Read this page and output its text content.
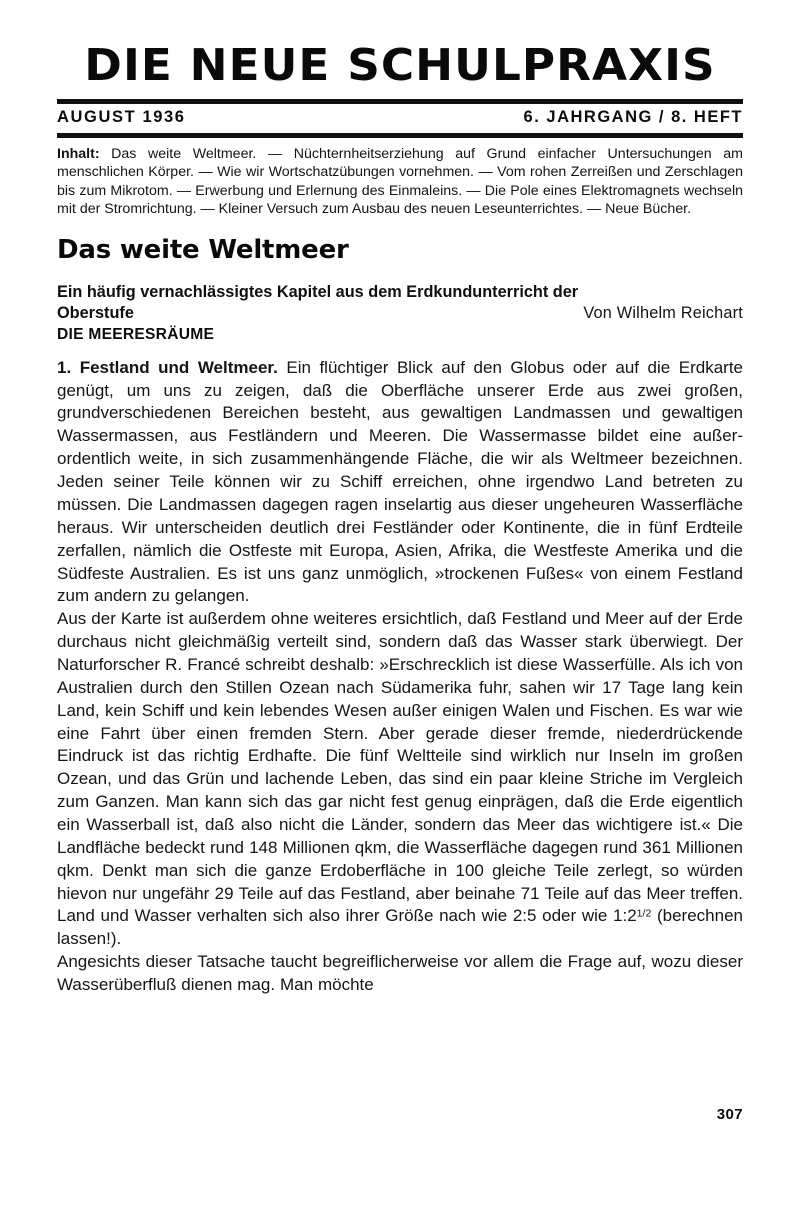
DIE NEUE SCHULPRAXIS
AUGUST 1936	6. JAHRGANG / 8. HEFT
Inhalt: Das weite Weltmeer. — Nüchternheitserziehung auf Grund einfacher Untersuchungen am menschlichen Körper. — Wie wir Wortschatzübungen vornehmen. — Vom rohen Zerreißen und Zerschlagen bis zum Mikrotom. — Erwerbung und Erlernung des Einmaleins. — Die Pole eines Elektromagnets wechseln mit der Stromrichtung. — Kleiner Versuch zum Ausbau des neuen Leseunterrichtes. — Neue Bücher.
Das weite Weltmeer
Ein häufig vernachlässigtes Kapitel aus dem Erdkundunterricht der
Oberstufe	Von Wilhelm Reichart
DIE MEERESRÄUME

1. Festland und Weltmeer. Ein flüchtiger Blick auf den Globus oder auf die Erdkarte genügt, um uns zu zeigen, daß die Oberfläche unserer Erde aus zwei großen, grundverschiedenen Bereichen besteht, aus gewaltigen Landmassen und gewaltigen Wassermassen, aus Festländern und Meeren. Die Wassermasse bildet eine außerordentlich weite, in sich zusammenhängende Fläche, die wir als Weltmeer bezeichnen. Jeden seiner Teile können wir zu Schiff erreichen, ohne irgendwo Land betreten zu müssen. Die Landmassen dagegen ragen inselartig aus dieser ungeheuren Wasserfläche heraus. Wir unterscheiden deutlich drei Festländer oder Kontinente, die in fünf Erdteile zerfallen, nämlich die Ostfeste mit Europa, Asien, Afrika, die Westfeste Amerika und die Südfeste Australien. Es ist uns ganz unmöglich, »trockenen Fußes« von einem Festland zum andern zu gelangen.

Aus der Karte ist außerdem ohne weiteres ersichtlich, daß Festland und Meer auf der Erde durchaus nicht gleichmäßig verteilt sind, sondern daß das Wasser stark überwiegt. Der Naturforscher R. Francé schreibt deshalb: »Erschrecklich ist diese Wasserfülle. Als ich von Australien durch den Stillen Ozean nach Südamerika fuhr, sahen wir 17 Tage lang kein Land, kein Schiff und kein lebendes Wesen außer einigen Walen und Fischen. Es war wie eine Fahrt über einen fremden Stern. Aber gerade dieser fremde, niederdrückende Eindruck ist das richtig Erdhafte. Die fünf Weltteile sind wirklich nur Inseln im großen Ozean, und das Grün und lachende Leben, das sind ein paar kleine Striche im Vergleich zum Ganzen. Man kann sich das gar nicht fest genug einprägen, daß die Erde eigentlich ein Wasserball ist, daß also nicht die Länder, sondern das Meer das wichtigere ist.« Die Landfläche bedeckt rund 148 Millionen qkm, die Wasserfläche dagegen rund 361 Millionen qkm. Denkt man sich die ganze Erdoberfläche in 100 gleiche Teile zerlegt, so würden hievon nur ungefähr 29 Teile auf das Festland, aber beinahe 71 Teile auf das Meer treffen. Land und Wasser verhalten sich also ihrer Größe nach wie 2:5 oder wie $1:2^{1/2}$ (berechnen lassen!).

Angesichts dieser Tatsache taucht begreiflicherweise vor allem die Frage auf, wozu dieser Wasserüberfluß dienen mag. Man möchte

307
